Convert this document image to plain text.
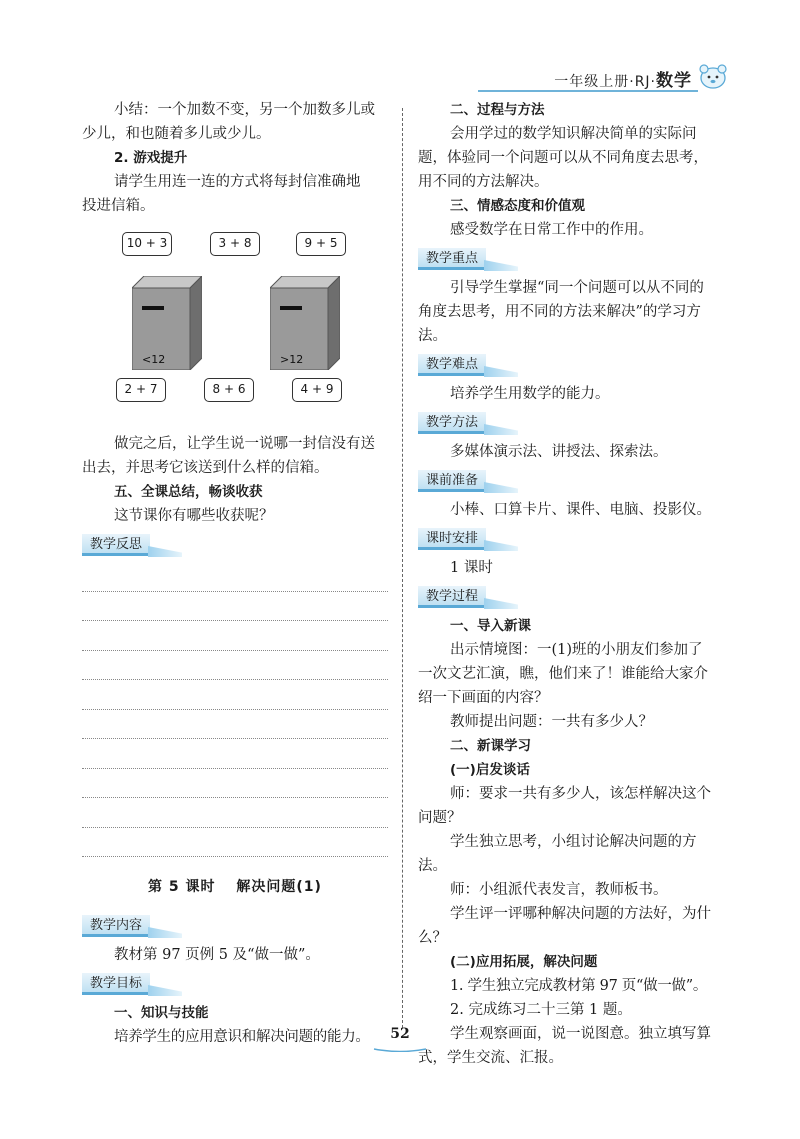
一年级上册·RJ·数学

小结：一个加数不变，另一个加数多儿或

少儿，和也随着多儿或少儿。

2. 游戏提升

请学生用连一连的方式将每封信准确地

投进信箱。

10 + 3	3 + 8	9 + 5
<12	>12
2 + 7	8 + 6	4 + 9

做完之后，让学生说一说哪一封信没有送

出去，并思考它该送到什么样的信箱。

五、全课总结，畅谈收获

这节课你有哪些收获呢？

教学反思

第 5 课时　 解决问题(1)

教学内容

教材第 97 页例 5 及“做一做”。

教学目标

一、知识与技能

培养学生的应用意识和解决问题的能力。

二、过程与方法

会用学过的数学知识解决简单的实际问

题，体验同一个问题可以从不同角度去思考，

用不同的方法解决。

三、情感态度和价值观

感受数学在日常工作中的作用。

教学重点

引导学生掌握“同一个问题可以从不同的

角度去思考，用不同的方法来解决”的学习方

法。

教学难点

培养学生用数学的能力。

教学方法

多媒体演示法、讲授法、探索法。

课前准备

小棒、口算卡片、课件、电脑、投影仪。

课时安排

1 课时

教学过程

一、导入新课

出示情境图：一(1)班的小朋友们参加了

一次文艺汇演，瞧，他们来了！谁能给大家介

绍一下画面的内容？

教师提出问题：一共有多少人？

二、新课学习

(一)启发谈话

师：要求一共有多少人，该怎样解决这个

问题？

学生独立思考，小组讨论解决问题的方

法。

师：小组派代表发言，教师板书。

学生评一评哪种解决问题的方法好，为什

么？

(二)应用拓展，解决问题

1. 学生独立完成教材第 97 页“做一做”。

2. 完成练习二十三第 1 题。

学生观察画面，说一说图意。独立填写算

式，学生交流、汇报。

52
